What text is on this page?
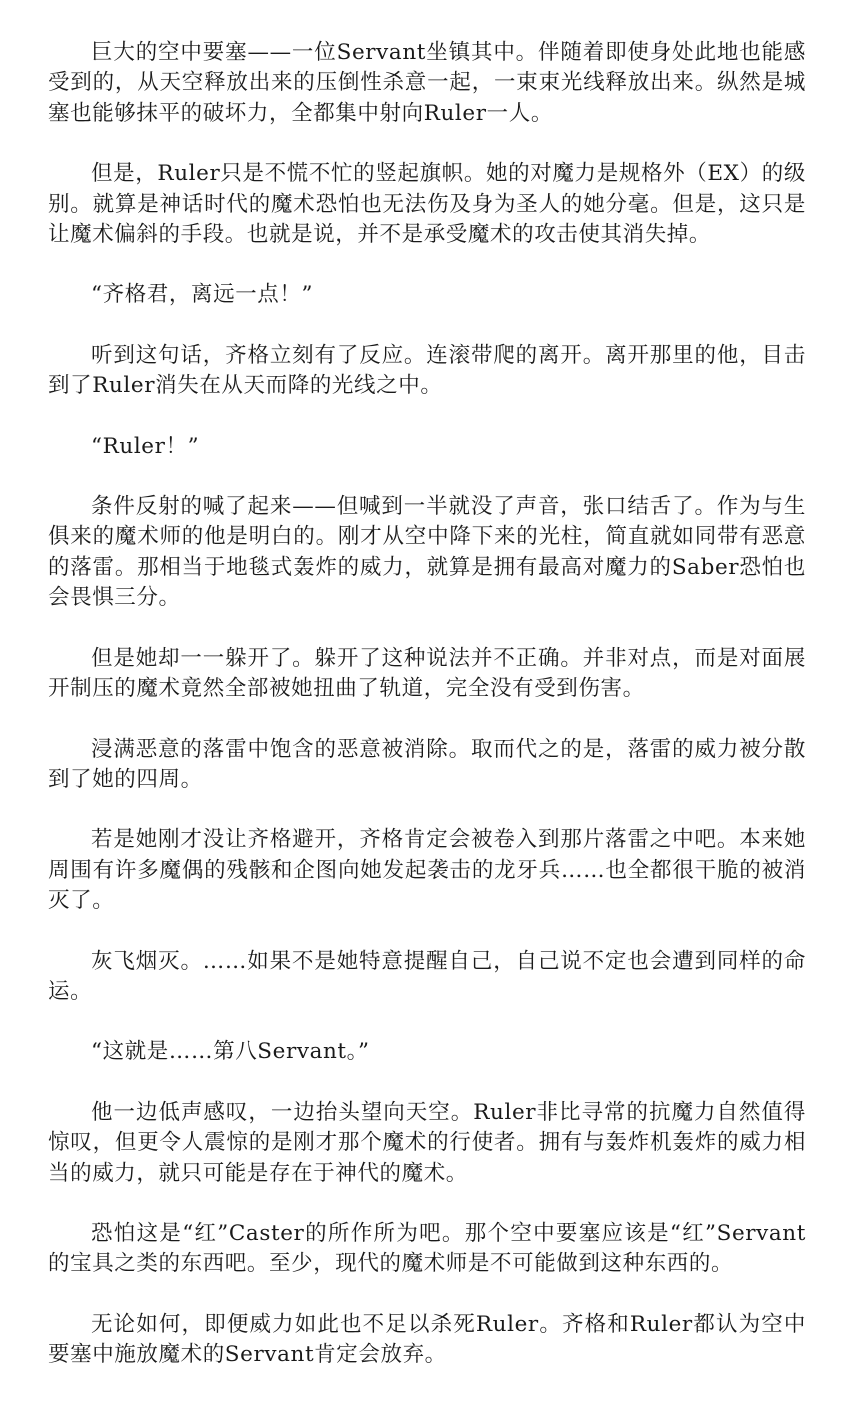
巨大的空中要塞——一位Servant坐镇其中。伴随着即使身处此地也能感受到的，从天空释放出来的压倒性杀意一起，一束束光线释放出来。纵然是城塞也能够抹平的破坏力，全都集中射向Ruler一人。

但是，Ruler只是不慌不忙的竖起旗帜。她的对魔力是规格外（EX）的级别。就算是神话时代的魔术恐怕也无法伤及身为圣人的她分毫。但是，这只是让魔术偏斜的手段。也就是说，并不是承受魔术的攻击使其消失掉。

“齐格君，离远一点！”

听到这句话，齐格立刻有了反应。连滚带爬的离开。离开那里的他，目击到了Ruler消失在从天而降的光线之中。

“Ruler！”

条件反射的喊了起来——但喊到一半就没了声音，张口结舌了。作为与生俱来的魔术师的他是明白的。刚才从空中降下来的光柱，简直就如同带有恶意的落雷。那相当于地毯式轰炸的威力，就算是拥有最高对魔力的Saber恐怕也会畏惧三分。

但是她却一一躲开了。躲开了这种说法并不正确。并非对点，而是对面展开制压的魔术竟然全部被她扭曲了轨道，完全没有受到伤害。

浸满恶意的落雷中饱含的恶意被消除。取而代之的是，落雷的威力被分散到了她的四周。

若是她刚才没让齐格避开，齐格肯定会被卷入到那片落雷之中吧。本来她周围有许多魔偶的残骸和企图向她发起袭击的龙牙兵……也全都很干脆的被消灭了。

灰飞烟灭。……如果不是她特意提醒自己，自己说不定也会遭到同样的命运。

“这就是……第八Servant。”

他一边低声感叹，一边抬头望向天空。Ruler非比寻常的抗魔力自然值得惊叹，但更令人震惊的是刚才那个魔术的行使者。拥有与轰炸机轰炸的威力相当的威力，就只可能是存在于神代的魔术。

恐怕这是“红”Caster的所作所为吧。那个空中要塞应该是“红”Servant的宝具之类的东西吧。至少，现代的魔术师是不可能做到这种东西的。

无论如何，即便威力如此也不足以杀死Ruler。齐格和Ruler都认为空中要塞中施放魔术的Servant肯定会放弃。
